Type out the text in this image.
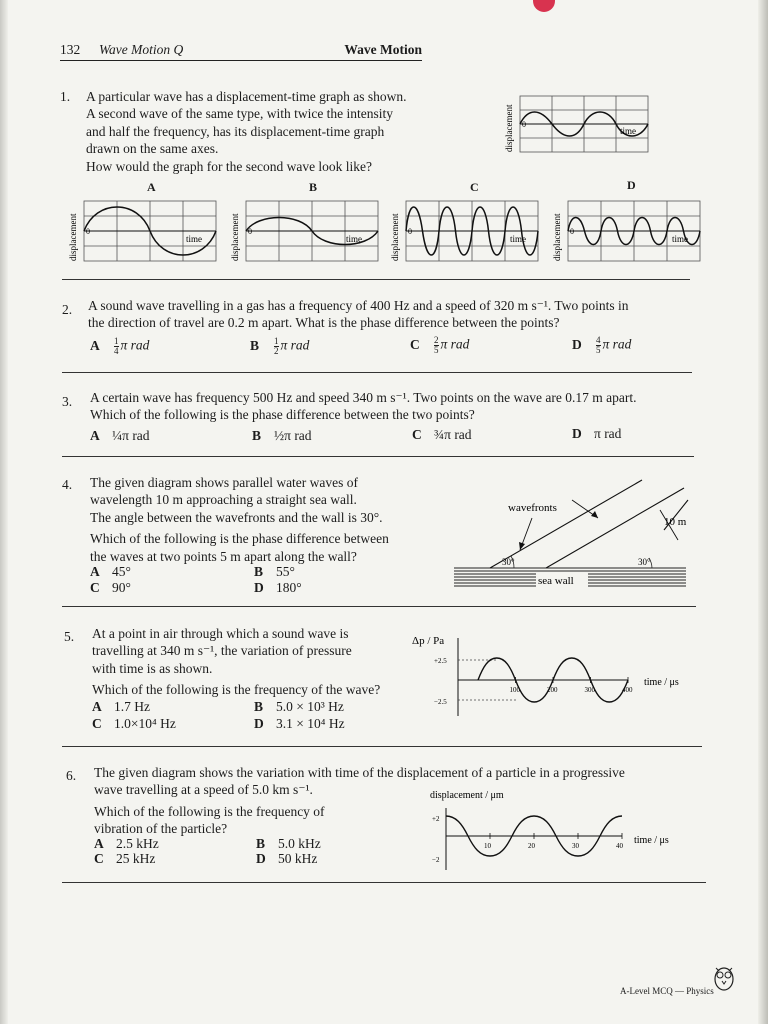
132 Wave Motion Q	Wave Motion
1. A particular wave has a displacement-time graph as shown.
A second wave of the same type, with twice the intensity
and half the frequency, has its displacement-time graph
drawn on the same axes.
How would the graph for the second wave look like?
displacement 0
time
A	B	C	D
displacement 0
time	displacement 0
time	displacement 0
time	displacement 0
time
2. A sound wave travelling in a gas has a frequency of 400 Hz and a speed of 320 m s⁻¹. Two points in
the direction of travel are 0.2 m apart. What is the phase difference between the points?
A $\frac{1}{4}$ π rad	B $\frac{1}{2}$ π rad	C $\frac{2}{5}$ π rad	D $\frac{4}{5}$ π rad
3. A certain wave has frequency 500 Hz and speed 340 m s⁻¹. Two points on the wave are 0.17 m apart.
Which of the following is the phase difference between the two points?
A ¼π rad	B ½π rad	C ¾π rad	D π rad
4. The given diagram shows parallel water waves of
wavelength 10 m approaching a straight sea wall.
The angle between the wavefronts and the wall is 30°.
Which of the following is the phase difference between
the waves at two points 5 m apart along the wall?
A 45°	B 55°
C 90°	D 180°	sea wall
30°	30°
wavefronts
10 m
5. At a point in air through which a sound wave is
travelling at 340 m s⁻¹, the variation of pressure
with time is as shown.
Which of the following is the frequency of the wave?
A 1.7 Hz	B 5.0 × 10³ Hz
C 1.0×10⁴ Hz	D 3.1 × 10⁴ Hz
Δp / Pa
+2.5
−2.5
100	200	300	400
time / μs
6. The given diagram shows the variation with time of the displacement of a particle in a progressive
wave travelling at a speed of 5.0 km s⁻¹.
Which of the following is the frequency of
vibration of the particle?
A 2.5 kHz	B 5.0 kHz
C 25 kHz	D 50 kHz
displacement / μm
+2
−2
10	20	30	40 time / μs
A-Level MCQ — Physics
